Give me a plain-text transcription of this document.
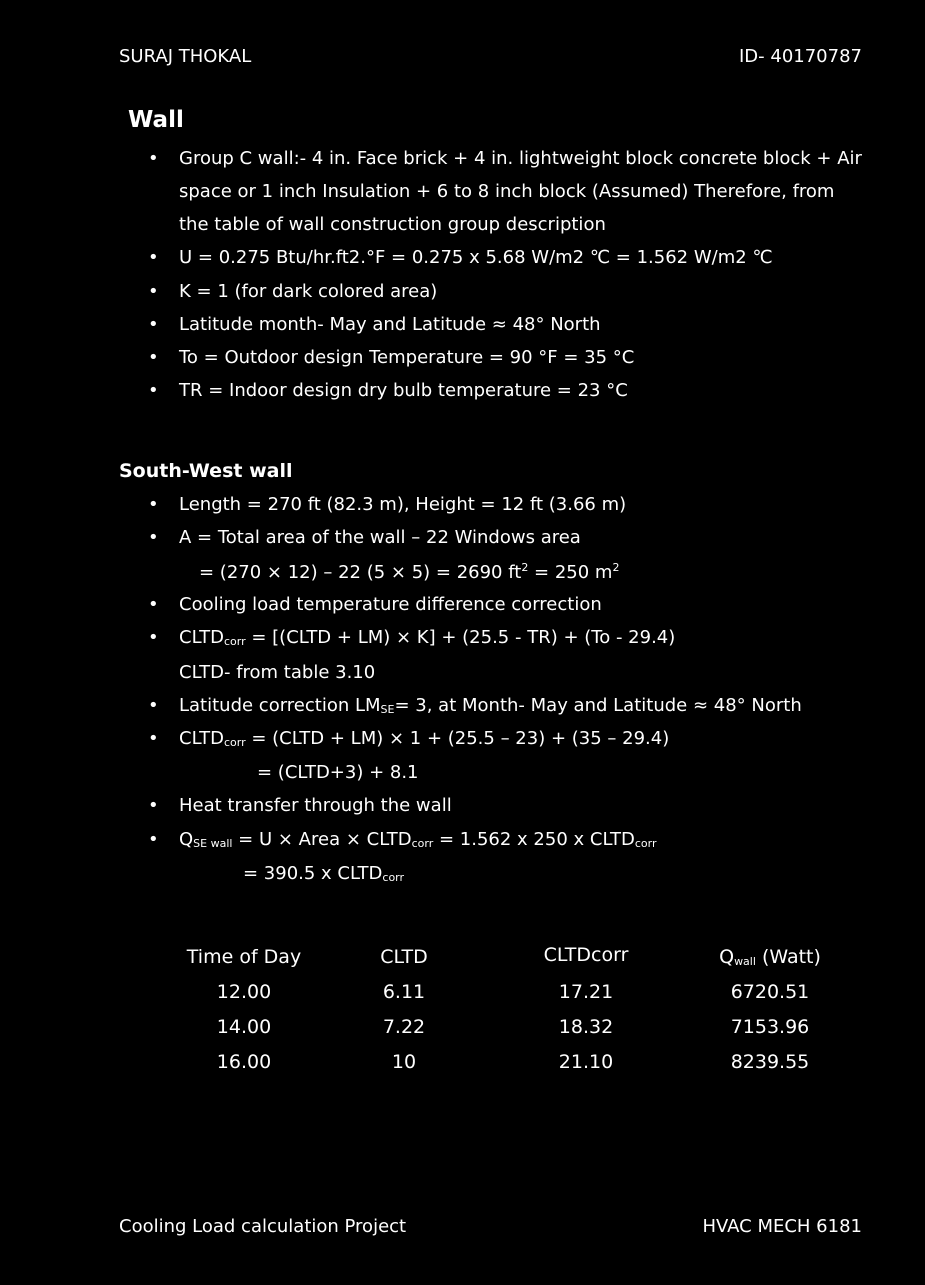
SURAJ THOKAL	ID- 40170787
Wall
• Group C wall:- 4 in. Face brick + 4 in. lightweight block concrete block + Air
space or 1 inch Insulation + 6 to 8 inch block (Assumed) Therefore, from
the table of wall construction group description
• U = 0.275 Btu/hr.ft2.°F = 0.275 x 5.68 W/m2 ℃ = 1.562 W/m2 ℃
• K = 1 (for dark colored area)
• Latitude month- May and Latitude ≈ 48° North
• To = Outdoor design Temperature = 90 °F = 35 °C
• TR = Indoor design dry bulb temperature = 23 °C
South-West wall
• Length = 270 ft (82.3 m), Height = 12 ft (3.66 m)
• A = Total area of the wall – 22 Windows area
= (270 × 12) – 22 (5 × 5) = 2690 $ft^2 = 250$ $m^2$
• Cooling load temperature difference correction
• $CLTD_{corr}$ = [(CLTD + LM) × K] + (25.5 - TR) + (To - 29.4)
CLTD- from table 3.10
• Latitude correction $LM_{SE}= 3$, at Month- May and Latitude ≈ 48° North
• $CLTD_{corr}$ = (CLTD + LM) × 1 + (25.5 – 23) + (35 – 29.4)
= (CLTD+3) + 8.1
• Heat transfer through the wall
• $Q_{SE wall} = U$ × Area × $CLTD_{corr} = 1.562$ x 250 x $CLTD_{corr}$
= 390.5 x $CLTD_{corr}$
Time of Day	CLTD	CLTDcorr	$Q_{wall}$ (Watt)
12.00	6.11	17.21	6720.51
14.00	7.22	18.32	7153.96
16.00	10	21.10	8239.55
Cooling Load calculation Project	HVAC MECH 6181
